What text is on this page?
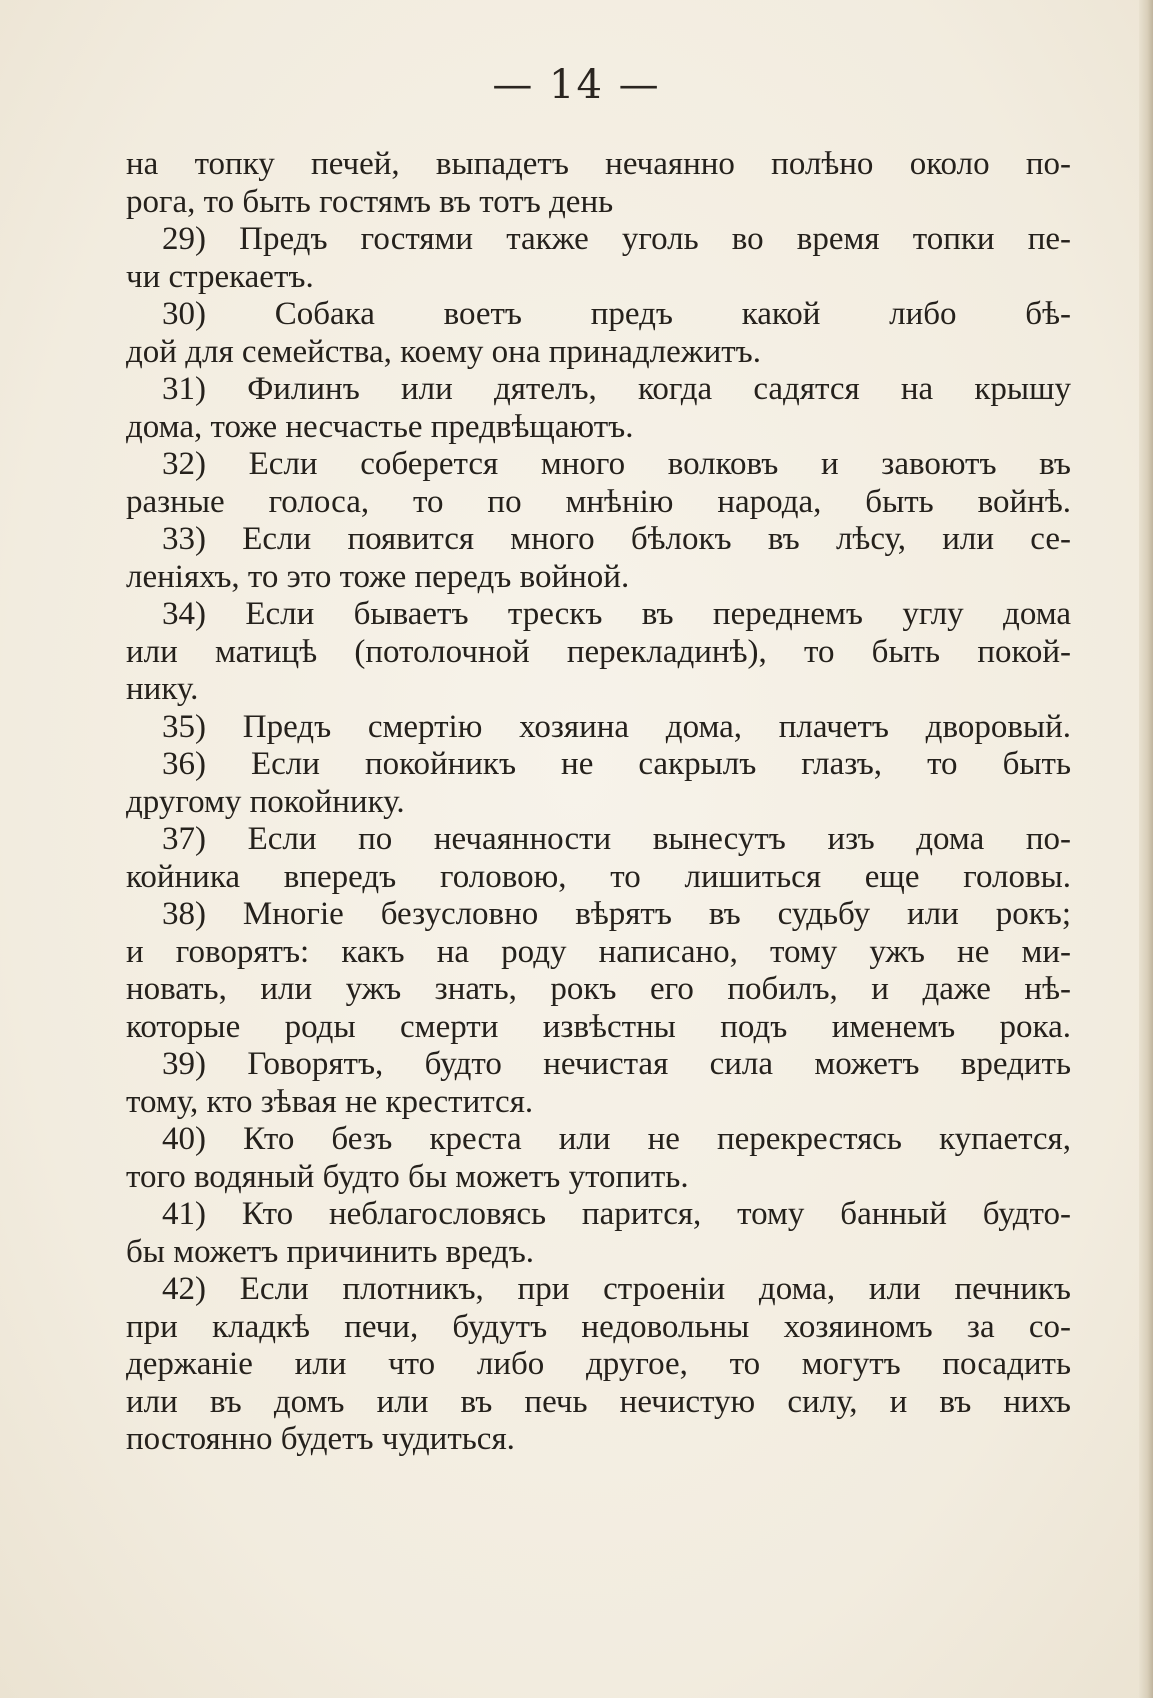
— 14 —
на топку печей, выпадетъ нечаянно полѣно около по-
рога, то быть гостямъ въ тотъ день
29) Предъ гостями также уголь во время топки пе-
чи стрекаетъ.
30) Собака воетъ предъ какой либо бѣ-
дой для семейства, коему она принадлежитъ.
31) Филинъ или дятелъ, когда садятся на крышу
дома, тоже несчастье предвѣщаютъ.
32) Если соберется много волковъ и завоютъ въ
разные голоса, то по мнѣнію народа, быть войнѣ.
33) Если появится много бѣлокъ въ лѣсу, или се-
леніяхъ, то это тоже передъ войной.
34) Если бываетъ трескъ въ переднемъ углу дома
или матицѣ (потолочной перекладинѣ), то быть покой-
нику.
35) Предъ смертію хозяина дома, плачетъ дворовый.
36) Если покойникъ не сакрылъ глазъ, то быть
другому покойнику.
37) Если по нечаянности вынесутъ изъ дома по-
койника впередъ головою, то лишиться еще головы.
38) Многіе безусловно вѣрятъ въ судьбу или рокъ;
и говорятъ: какъ на роду написано, тому ужъ не ми-
новать, или ужъ знать, рокъ его побилъ, и даже нѣ-
которые роды смерти извѣстны подъ именемъ рока.
39) Говорятъ, будто нечистая сила можетъ вредить
тому, кто зѣвая не крестится.
40) Кто безъ креста или не перекрестясь купается,
того водяный будто бы можетъ утопить.
41) Кто неблагословясь парится, тому банный будто-
бы можетъ причинить вредъ.
42) Если плотникъ, при строеніи дома, или печникъ
при кладкѣ печи, будутъ недовольны хозяиномъ за со-
держаніе или что либо другое, то могутъ посадить
или въ домъ или въ печь нечистую силу, и въ нихъ
постоянно будетъ чудиться.
